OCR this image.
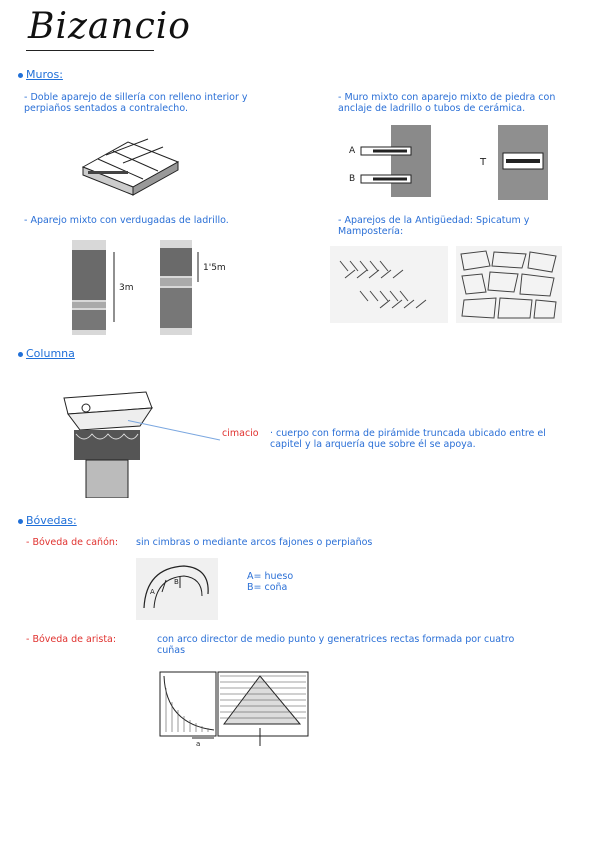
Bizancio
Muros:
- Doble aparejo de sillería con relleno interior y perpiaños sentados a contralecho.
- Muro mixto con aparejo mixto de piedra con anclaje de ladrillo o tubos de cerámica.
A
B
T
- Aparejo mixto con verdugadas de ladrillo.	- Aparejos de la Antigüedad: Spicatum y Mampostería:
3m
1'5m
Columna
cimacio · cuerpo con forma de pirámide truncada ubicado entre el capitel y la arquería que sobre él se apoya.
Bóvedas:
- Bóveda de cañón: sin cimbras o mediante arcos fajones o perpiaños
A
B	A= hueso
B= coña
- Bóveda de arista:	con arco director de medio punto y generatrices rectas formada por cuatro cuñas
a
